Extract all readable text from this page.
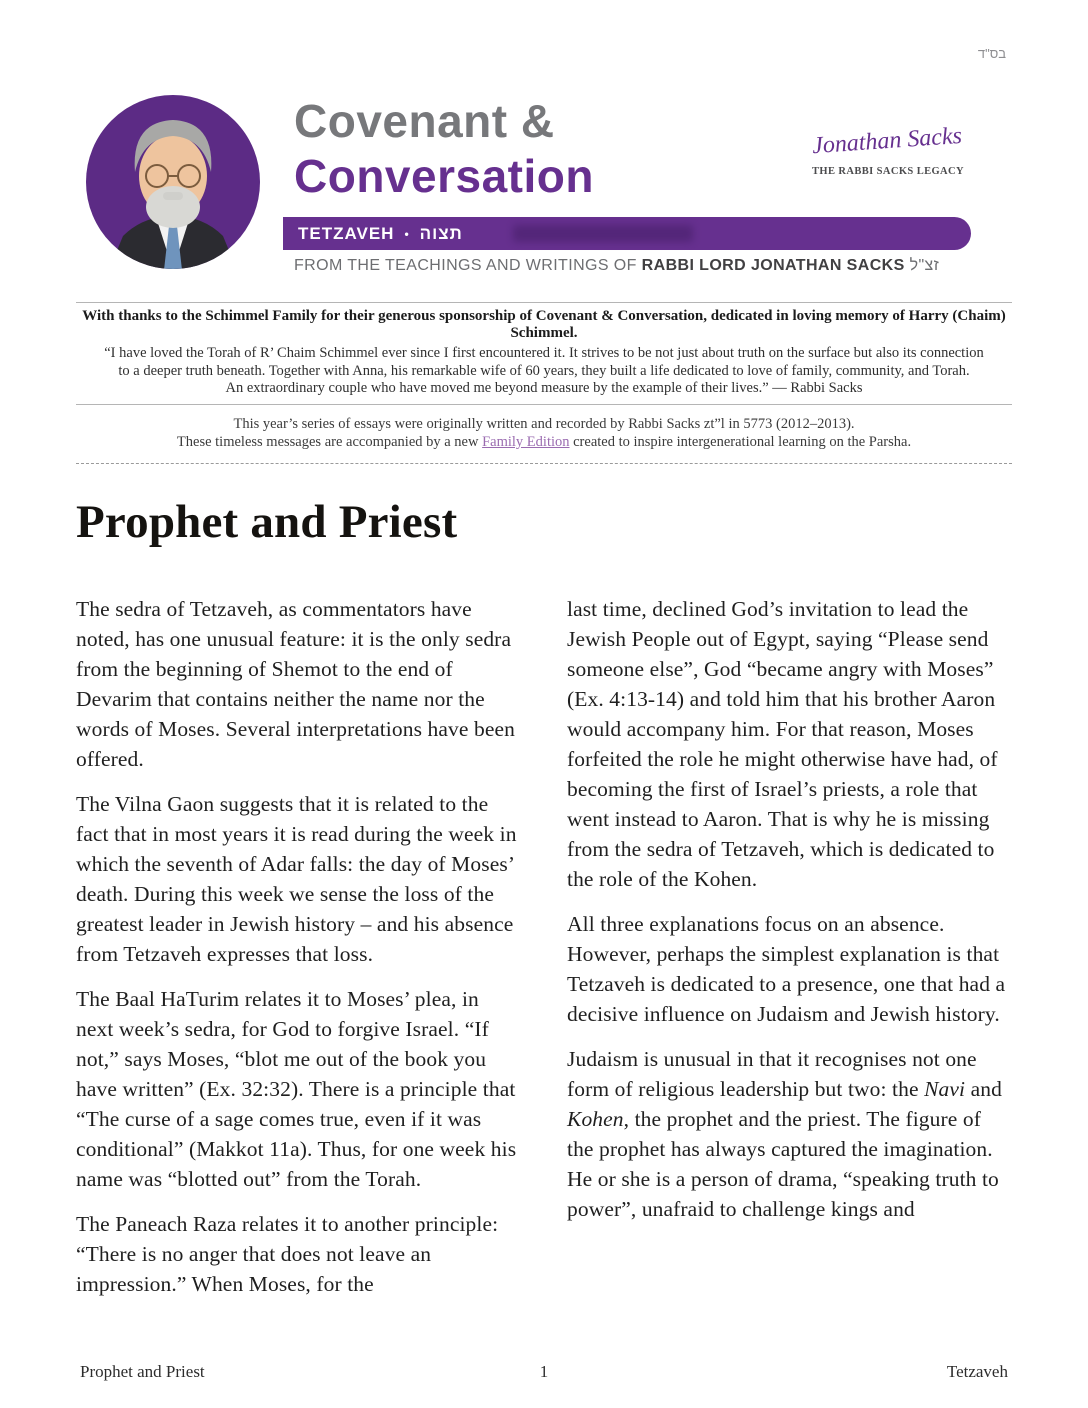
בס"ד
Covenant &
Conversation
TETZAVEH • תצוה
FROM THE TEACHINGS AND WRITINGS OF RABBI LORD JONATHAN SACKS זצ"ל
Jonathan Sacks
THE RABBI SACKS LEGACY
With thanks to the Schimmel Family for their generous sponsorship of Covenant & Conversation, dedicated in loving memory of Harry (Chaim) Schimmel.
“I have loved the Torah of R’ Chaim Schimmel ever since I first encountered it. It strives to be not just about truth on the surface but also its connection
to a deeper truth beneath. Together with Anna, his remarkable wife of 60 years, they built a life dedicated to love of family, community, and Torah.
An extraordinary couple who have moved me beyond measure by the example of their lives.” — Rabbi Sacks
This year’s series of essays were originally written and recorded by Rabbi Sacks zt”l in 5773 (2012–2013).
These timeless messages are accompanied by a new Family Edition created to inspire intergenerational learning on the Parsha.
Prophet and Priest

The sedra of Tetzaveh, as commentators have noted, has one unusual feature: it is the only sedra from the beginning of Shemot to the end of Devarim that contains neither the name nor the words of Moses. Several interpretations have been offered.

The Vilna Gaon suggests that it is related to the fact that in most years it is read during the week in which the seventh of Adar falls: the day of Moses’ death. During this week we sense the loss of the greatest leader in Jewish history – and his absence from Tetzaveh expresses that loss.

The Baal HaTurim relates it to Moses’ plea, in next week’s sedra, for God to forgive Israel. “If not,” says Moses, “blot me out of the book you have written” (Ex. 32:32). There is a principle that “The curse of a sage comes true, even if it was conditional” (Makkot 11a). Thus, for one week his name was “blotted out” from the Torah.

The Paneach Raza relates it to another principle: “There is no anger that does not leave an impression.” When Moses, for the

last time, declined God’s invitation to lead the Jewish People out of Egypt, saying “Please send someone else”, God “became angry with Moses” (Ex. 4:13-14) and told him that his brother Aaron would accompany him. For that reason, Moses forfeited the role he might otherwise have had, of becoming the first of Israel’s priests, a role that went instead to Aaron. That is why he is missing from the sedra of Tetzaveh, which is dedicated to the role of the Kohen.

All three explanations focus on an absence. However, perhaps the simplest explanation is that Tetzaveh is dedicated to a presence, one that had a decisive influence on Judaism and Jewish history.

Judaism is unusual in that it recognises not one form of religious leadership but two: the Navi and Kohen, the prophet and the priest. The figure of the prophet has always captured the imagination. He or she is a person of drama, “speaking truth to power”, unafraid to challenge kings and

Prophet and Priest	1	Tetzaveh
